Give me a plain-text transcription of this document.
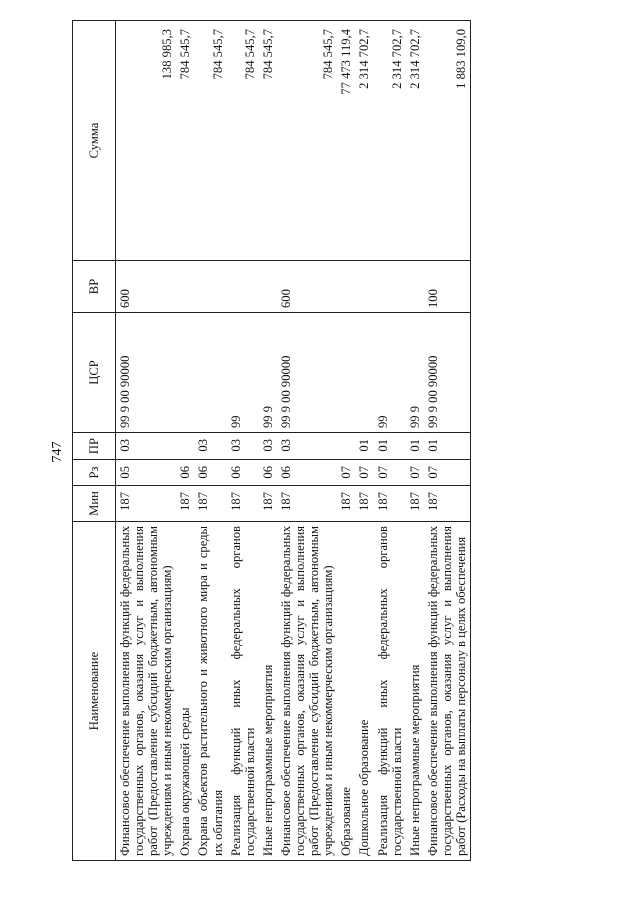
747
Наименование	Мин	Рз	ПР	ЦСР	ВР	Сумма
Финансовое обеспечение выполнения функций федеральных государственных органов, оказания услуг и выполнения работ (Предоставление субсидий бюджетным, автономным учреждениям и иным некоммерческим организациям)	187	05	03	99 9 00 90000	600	138 985,3
Охрана окружающей среды	187	06				784 545,7
Охрана объектов растительного и животного мира и среды их обитания	187	06	03			784 545,7
Реализация функций иных федеральных органов государственной власти	187	06	03	99		784 545,7
Иные непрограммные мероприятия	187	06	03	99 9		784 545,7
Финансовое обеспечение выполнения функций федеральных государственных органов, оказания услуг и выполнения работ (Предоставление субсидий бюджетным, автономным учреждениям и иным некоммерческим организациям)	187	06	03	99 9 00 90000	600	784 545,7
Образование	187	07				77 473 119,4
Дошкольное образование	187	07	01			2 314 702,7
Реализация функций иных федеральных органов государственной власти	187	07	01	99		2 314 702,7
Иные непрограммные мероприятия	187	07	01	99 9		2 314 702,7
Финансовое обеспечение выполнения функций федеральных государственных органов, оказания услуг и выполнения работ (Расходы на выплаты персоналу в целях обеспечения	187	07	01	99 9 00 90000	100	1 883 109,0
